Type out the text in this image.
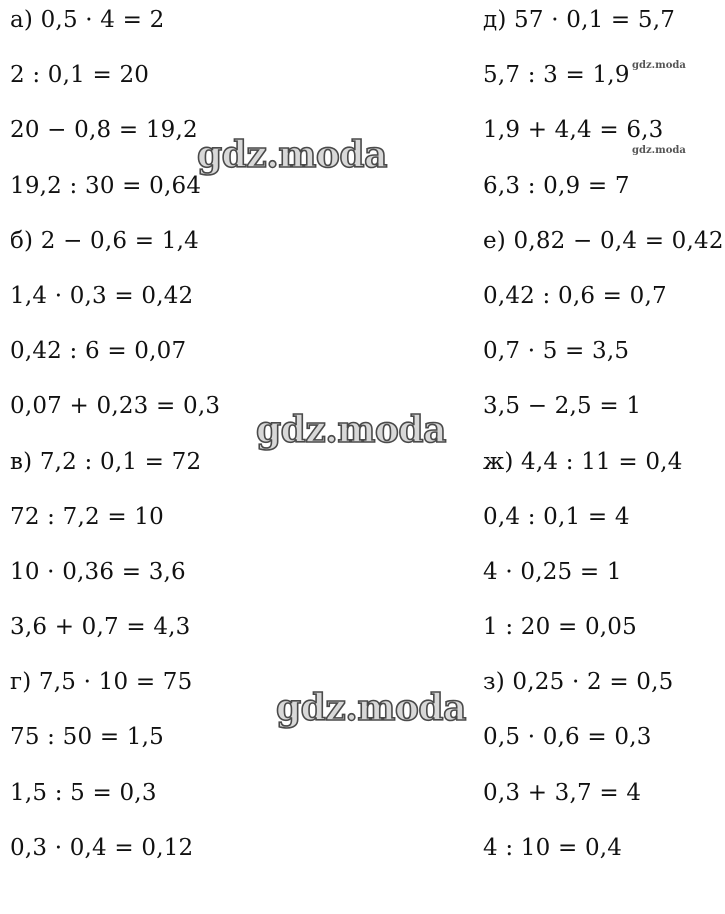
а) 0,5 · 4 = 2
2 : 0,1 = 20
20 − 0,8 = 19,2
19,2 : 30 = 0,64
б) 2 − 0,6 = 1,4
1,4 · 0,3 = 0,42
0,42 : 6 = 0,07
0,07 + 0,23 = 0,3
в) 7,2 : 0,1 = 72
72 : 7,2 = 10
10 · 0,36 = 3,6
3,6 + 0,7 = 4,3
г) 7,5 · 10 = 75
75 : 50 = 1,5
1,5 : 5 = 0,3
0,3 · 0,4 = 0,12
д) 57 · 0,1 = 5,7
5,7 : 3 = 1,9
1,9 + 4,4 = 6,3
6,3 : 0,9 = 7
е) 0,82 − 0,4 = 0,42
0,42 : 0,6 = 0,7
0,7 · 5 = 3,5
3,5 − 2,5 = 1
ж) 4,4 : 11 = 0,4
0,4 : 0,1 = 4
4 · 0,25 = 1
1 : 20 = 0,05
з) 0,25 · 2 = 0,5
0,5 · 0,6 = 0,3
0,3 + 3,7 = 4
4 : 10 = 0,4
gdz.moda
gdz.moda
gdz.moda
gdz.moda
gdz.moda
